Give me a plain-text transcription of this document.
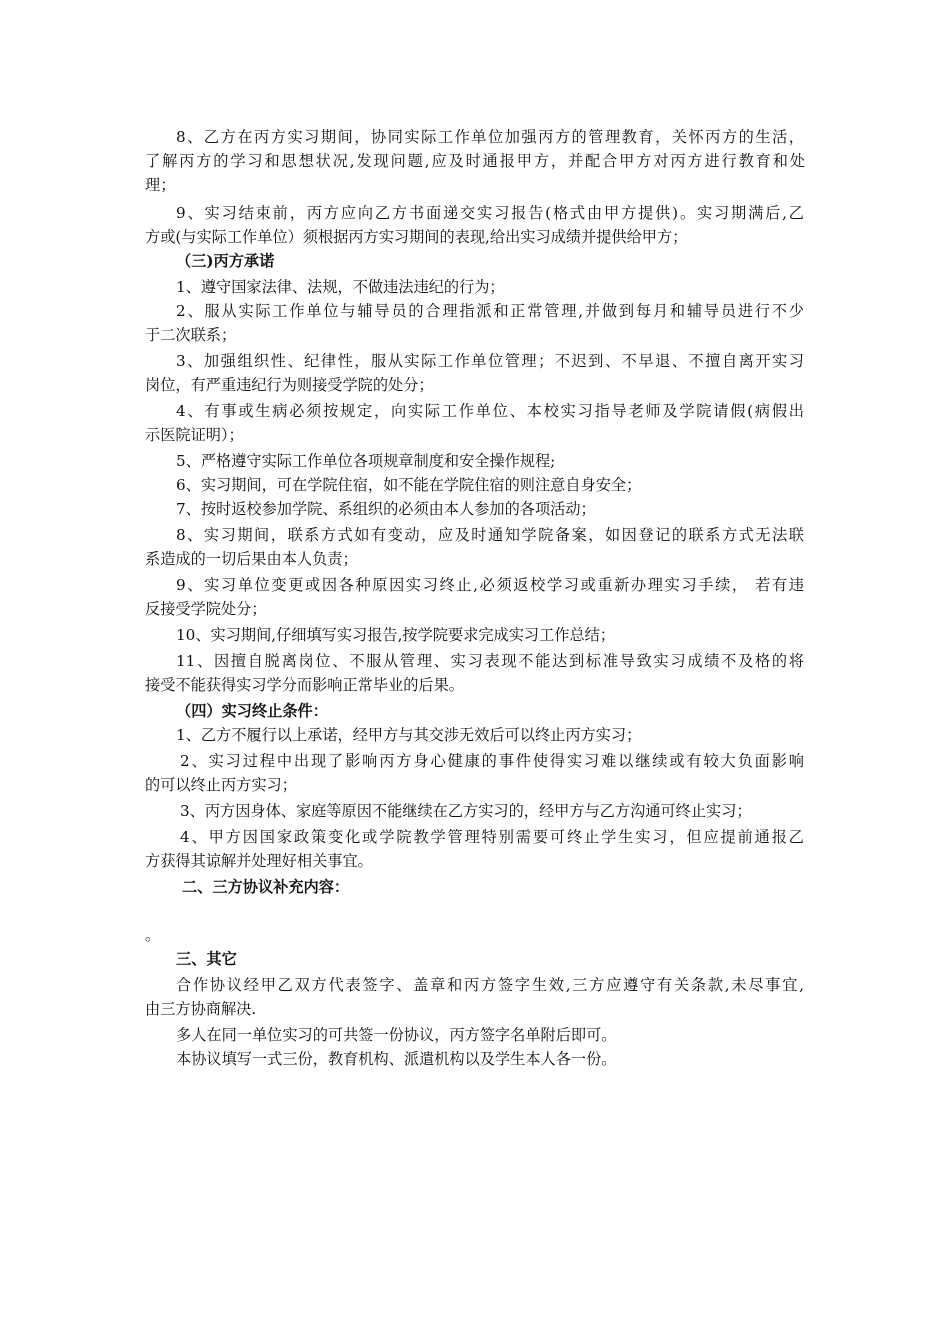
8、乙方在丙方实习期间，协同实际工作单位加强丙方的管理教育，关怀丙方的生活，
了解丙方的学习和思想状况,发现问题,应及时通报甲方，并配合甲方对丙方进行教育和处
理；
9、实习结束前，丙方应向乙方书面递交实习报告(格式由甲方提供)。实习期满后,乙
方或(与实际工作单位）须根据丙方实习期间的表现,给出实习成绩并提供给甲方；
（三)丙方承诺
1、遵守国家法律、法规，不做违法违纪的行为；
2、服从实际工作单位与辅导员的合理指派和正常管理,并做到每月和辅导员进行不少
于二次联系；
3、加强组织性、纪律性，服从实际工作单位管理；不迟到、不早退、不擅自离开实习
岗位，有严重违纪行为则接受学院的处分；
4、有事或生病必须按规定，向实际工作单位、本校实习指导老师及学院请假(病假出
示医院证明）；
5、严格遵守实际工作单位各项规章制度和安全操作规程;
6、实习期间，可在学院住宿，如不能在学院住宿的则注意自身安全；
7、按时返校参加学院、系组织的必须由本人参加的各项活动；
8、实习期间，联系方式如有变动，应及时通知学院备案，如因登记的联系方式无法联
系造成的一切后果由本人负责；
9、实习单位变更或因各种原因实习终止,必须返校学习或重新办理实习手续， 若有违
反接受学院处分；
10、实习期间,仔细填写实习报告,按学院要求完成实习工作总结；
11、因擅自脱离岗位、不服从管理、实习表现不能达到标准导致实习成绩不及格的将
接受不能获得实习学分而影响正常毕业的后果。
（四）实习终止条件：
1、乙方不履行以上承诺，经甲方与其交涉无效后可以终止丙方实习；
2、实习过程中出现了影响丙方身心健康的事件使得实习难以继续或有较大负面影响
的可以终止丙方实习；
3、丙方因身体、家庭等原因不能继续在乙方实习的，经甲方与乙方沟通可终止实习；
4、甲方因国家政策变化或学院教学管理特别需要可终止学生实习，但应提前通报乙
方获得其谅解并处理好相关事宜。
二、三方协议补充内容：
。
三、其它
合作协议经甲乙双方代表签字、盖章和丙方签字生效,三方应遵守有关条款,未尽事宜,
由三方协商解决.
多人在同一单位实习的可共签一份协议，丙方签字名单附后即可。
本协议填写一式三份，教育机构、派遣机构以及学生本人各一份。
